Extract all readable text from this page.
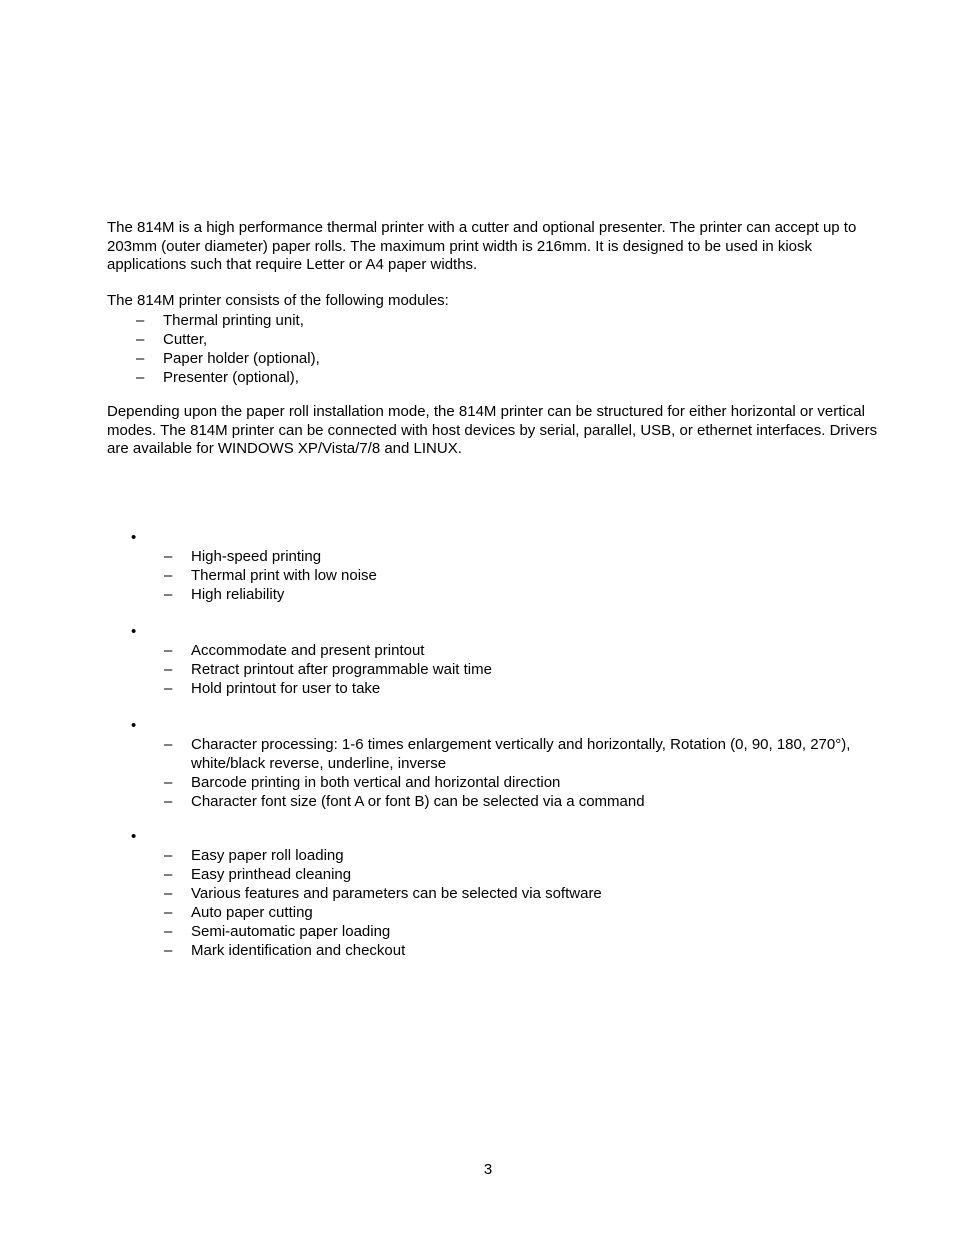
The 814M is a high performance thermal printer with a cutter and optional presenter. The printer can accept up to 203mm (outer diameter) paper rolls. The maximum print width is 216mm. It is designed to be used in kiosk applications such that require Letter or A4 paper widths.

The 814M printer consists of the following modules:

– Thermal printing unit,
– Cutter,
– Paper holder (optional),
– Presenter (optional),

Depending upon the paper roll installation mode, the 814M printer can be structured for either horizontal or vertical modes. The 814M printer can be connected with host devices by serial, parallel, USB, or ethernet interfaces. Drivers are available for WINDOWS XP/Vista/7/8 and LINUX.

•
– High-speed printing
– Thermal print with low noise
– High reliability
•
– Accommodate and present printout
– Retract printout after programmable wait time
– Hold printout for user to take
•
– Character processing: 1-6 times enlargement vertically and horizontally, Rotation (0, 90, 180, 270°), white/black reverse, underline, inverse
– Barcode printing in both vertical and horizontal direction
– Character font size (font A or font B) can be selected via a command
•
– Easy paper roll loading
– Easy printhead cleaning
– Various features and parameters can be selected via software
– Auto paper cutting
– Semi-automatic paper loading
– Mark identification and checkout
3
